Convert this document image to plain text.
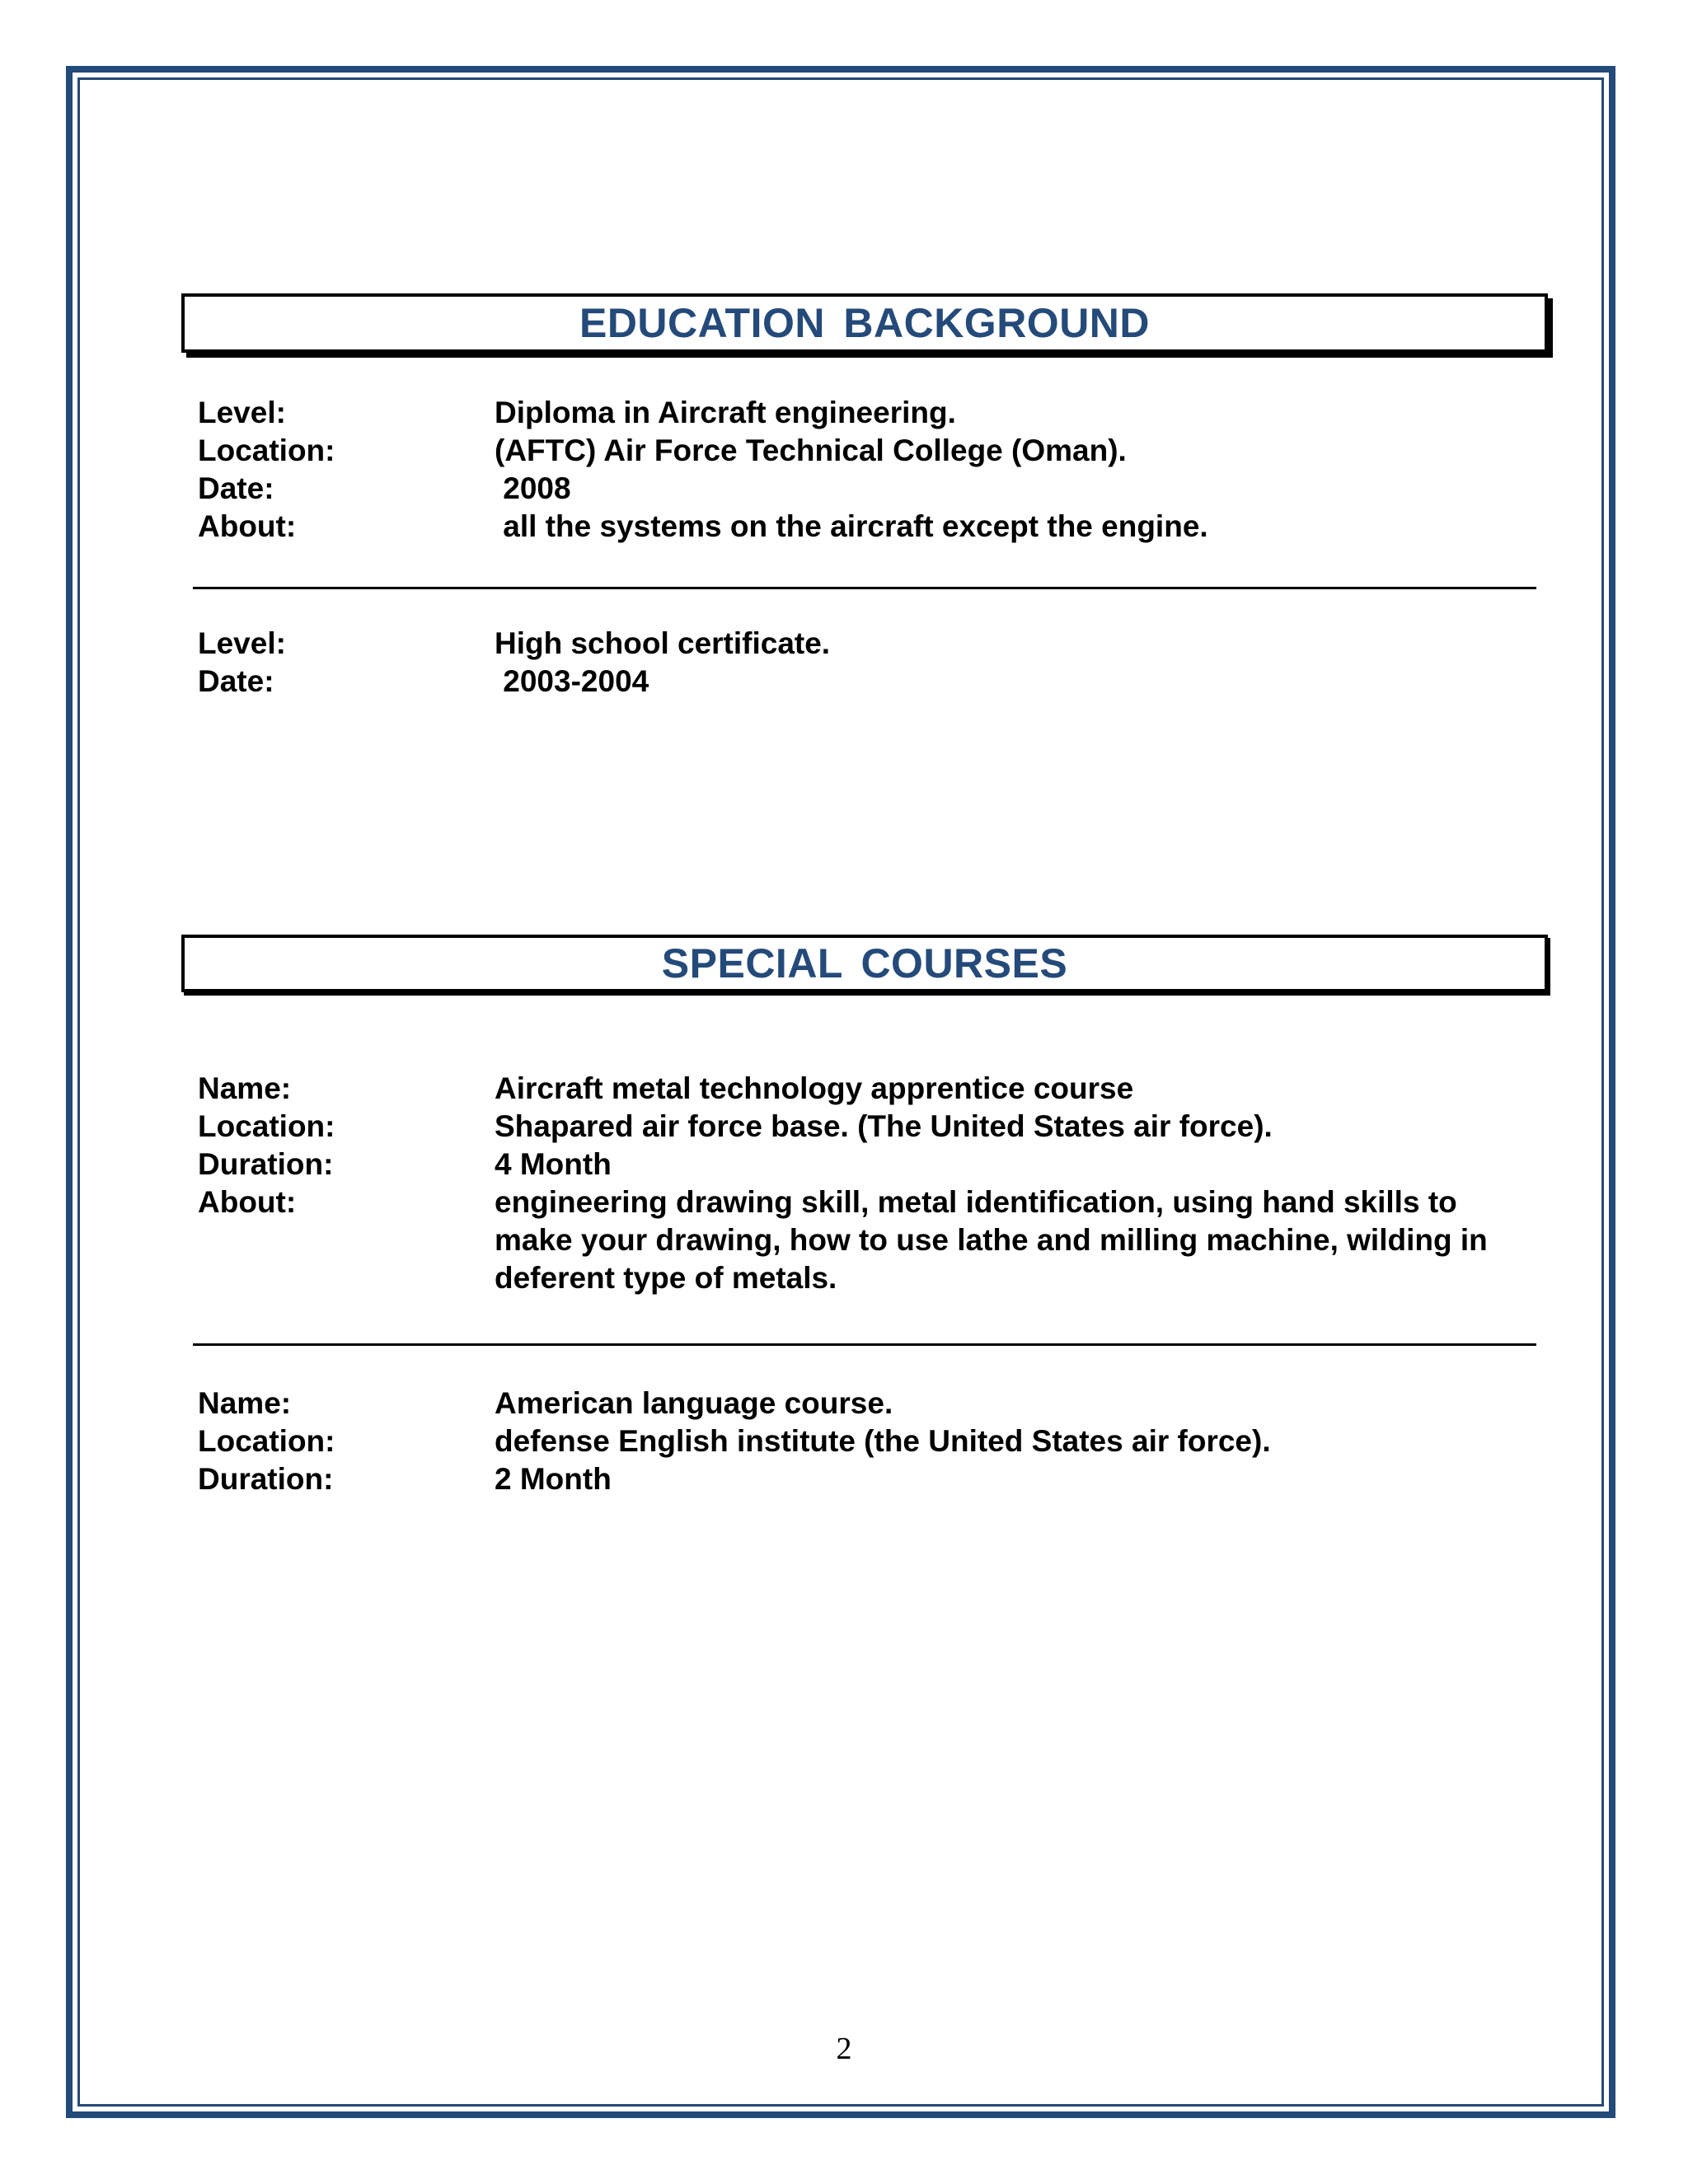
EDUCATION BACKGROUND
Level:	Diploma in Aircraft engineering.
Location:	(AFTC) Air Force Technical College (Oman).
Date:	2008
About:	all the systems on the aircraft except the engine.
Level:	High school certificate.
Date:	2003-2004
SPECIAL COURSES
Name:	Aircraft metal technology apprentice course
Location:	Shapared air force base. (The United States air force).
Duration:	4 Month
About:	engineering drawing skill, metal identification, using hand skills to make your drawing, how to use lathe and milling machine, wilding in deferent type of metals.
Name:	American language course.
Location:	defense English institute (the United States air force).
Duration:	2 Month
2
